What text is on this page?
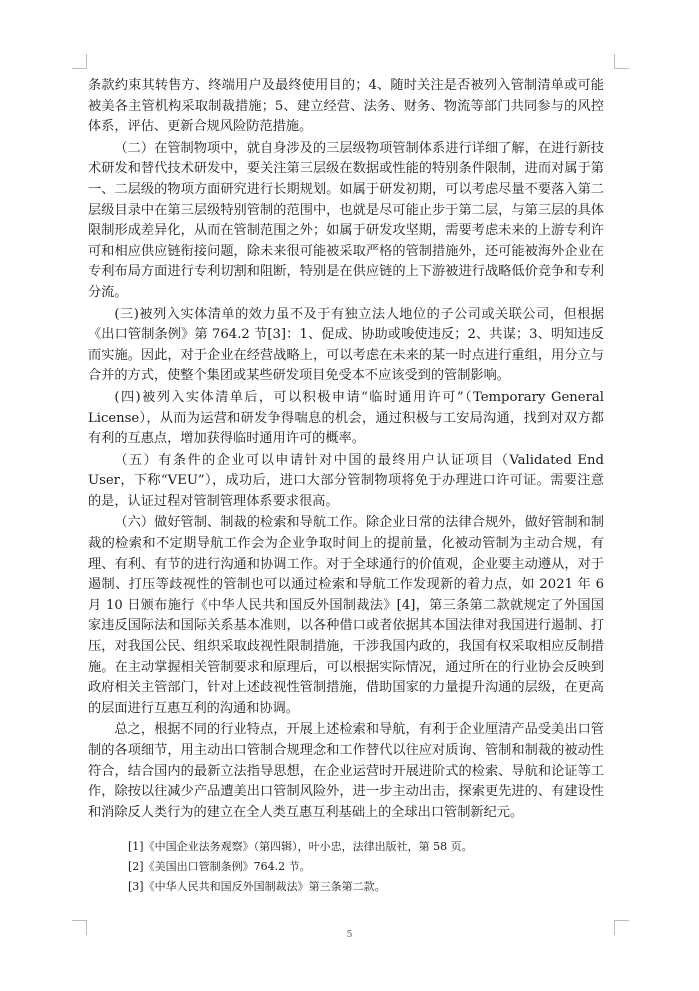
条款约束其转售方、终端用户及最终使用目的；4、随时关注是否被列入管制清单或可能被美各主管机构采取制裁措施；5、建立经营、法务、财务、物流等部门共同参与的风控体系，评估、更新合规风险防范措施。

（二）在管制物项中，就自身涉及的三层级物项管制体系进行详细了解，在进行新技术研发和替代技术研发中，要关注第三层级在数据或性能的特别条件限制，进而对属于第一、二层级的物项方面研究进行长期规划。如属于研发初期，可以考虑尽量不要落入第二层级目录中在第三层级特别管制的范围中，也就是尽可能止步于第二层，与第三层的具体限制形成差异化，从而在管制范围之外；如属于研发攻坚期，需要考虑未来的上游专利许可和相应供应链衔接问题，除未来很可能被采取严格的管制措施外，还可能被海外企业在专利布局方面进行专利切割和阻断，特别是在供应链的上下游被进行战略低价竞争和专利分流。

(三)被列入实体清单的效力虽不及于有独立法人地位的子公司或关联公司，但根据《出口管制条例》第 764.2 节[3]：1、促成、协助或唆使违反；2、共谋；3、明知违反而实施。因此，对于企业在经营战略上，可以考虑在未来的某一时点进行重组，用分立与合并的方式，使整个集团或某些研发项目免受本不应该受到的管制影响。

(四)被列入实体清单后，可以积极申请“临时通用许可”（Temporary General License），从而为运营和研发争得喘息的机会，通过积极与工安局沟通，找到对双方都有利的互惠点，增加获得临时通用许可的概率。

（五）有条件的企业可以申请针对中国的最终用户认证项目（Validated End User，下称“VEU”），成功后，进口大部分管制物项将免于办理进口许可证。需要注意的是，认证过程对管制管理体系要求很高。

（六）做好管制、制裁的检索和导航工作。除企业日常的法律合规外，做好管制和制裁的检索和不定期导航工作会为企业争取时间上的提前量，化被动管制为主动合规，有理、有利、有节的进行沟通和协调工作。对于全球通行的价值观，企业要主动遵从，对于遏制、打压等歧视性的管制也可以通过检索和导航工作发现新的着力点，如 2021 年 6 月 10 日颁布施行《中华人民共和国反外国制裁法》[4]，第三条第二款就规定了外国国家违反国际法和国际关系基本准则，以各种借口或者依据其本国法律对我国进行遏制、打压，对我国公民、组织采取歧视性限制措施，干涉我国内政的，我国有权采取相应反制措施。在主动掌握相关管制要求和原理后，可以根据实际情况，通过所在的行业协会反映到政府相关主管部门，针对上述歧视性管制措施，借助国家的力量提升沟通的层级，在更高的层面进行互惠互利的沟通和协调。

总之，根据不同的行业特点，开展上述检索和导航，有利于企业厘清产品受美出口管制的各项细节，用主动出口管制合规理念和工作替代以往应对质询、管制和制裁的被动性符合，结合国内的最新立法指导思想，在企业运营时开展进阶式的检索、导航和论证等工作，除按以往减少产品遭美出口管制风险外，进一步主动出击，探索更先进的、有建设性和消除反人类行为的建立在全人类互惠互利基础上的全球出口管制新纪元。

[1]《中国企业法务观察》（第四辑），叶小忠，法律出版社，第 58 页。

[2]《美国出口管制条例》764.2 节。

[3]《中华人民共和国反外国制裁法》第三条第二款。

5
